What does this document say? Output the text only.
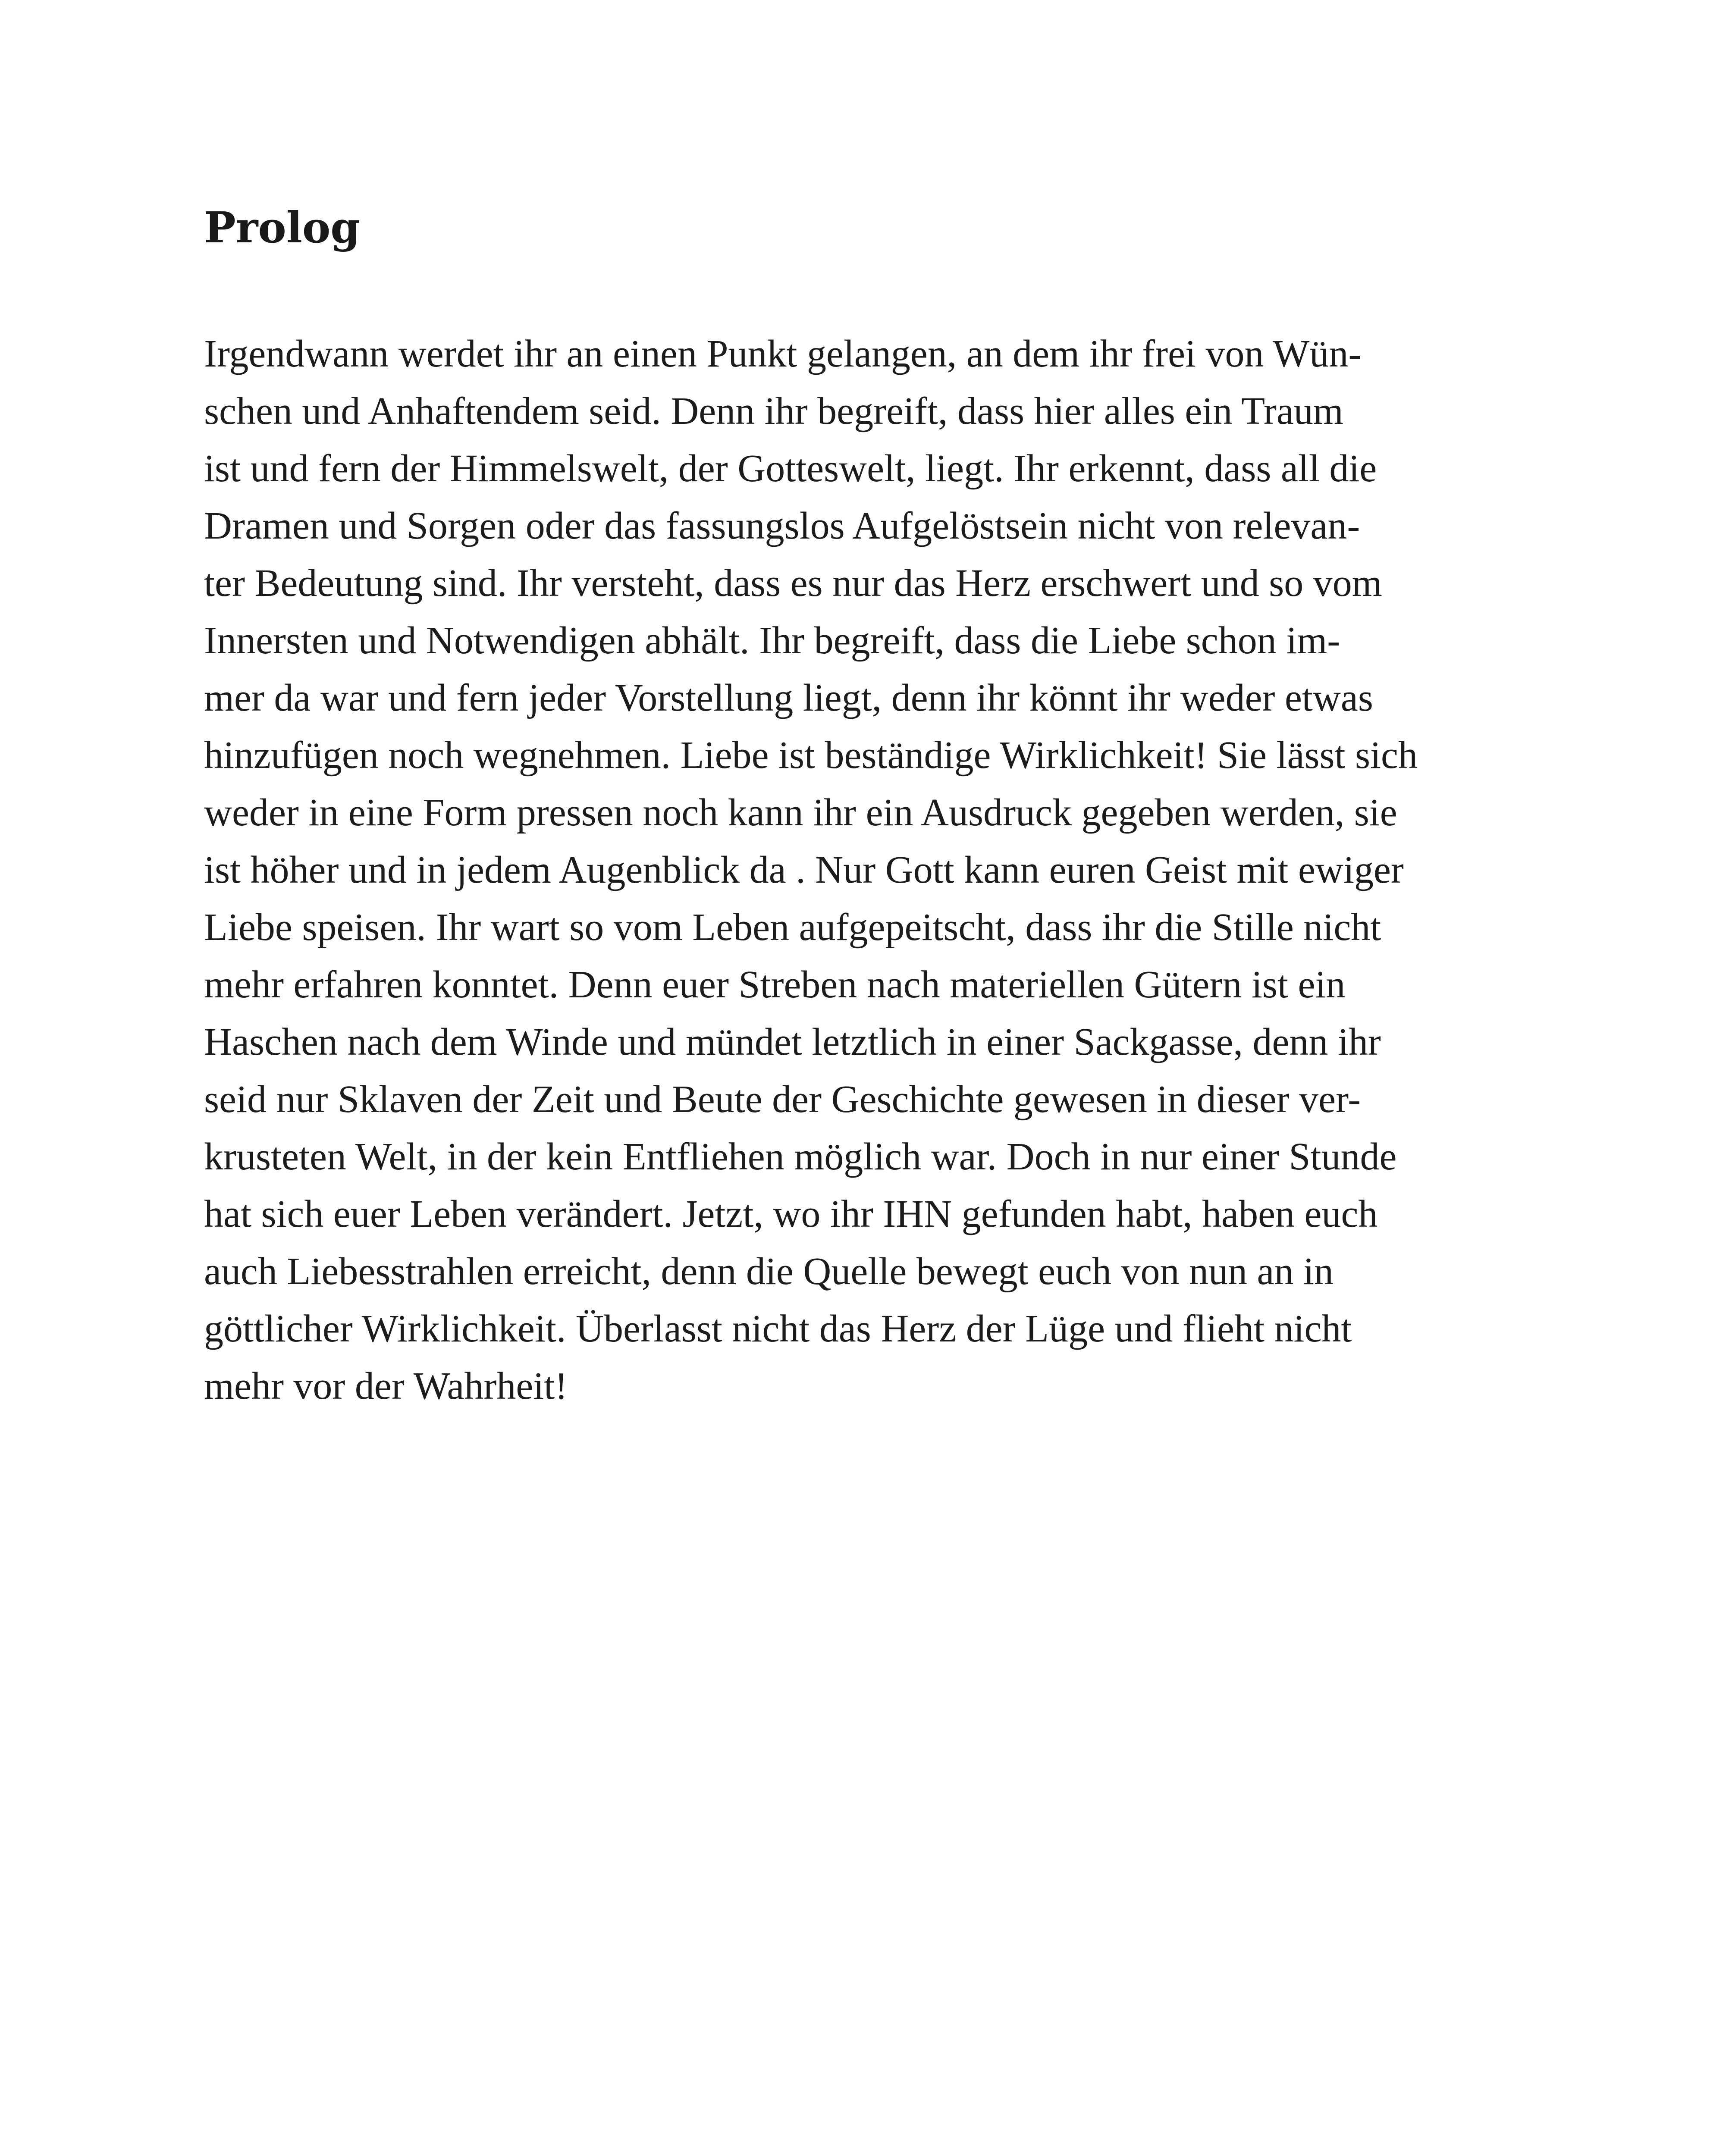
Prolog
Irgendwann werdet ihr an einen Punkt gelangen, an dem ihr frei von Wün-
schen und Anhaftendem seid. Denn ihr begreift, dass hier alles ein Traum
ist und fern der Himmelswelt, der Gotteswelt, liegt. Ihr erkennt, dass all die
Dramen und Sorgen oder das fassungslos Aufgelöstsein nicht von relevan-
ter Bedeutung sind. Ihr versteht, dass es nur das Herz erschwert und so vom
Innersten und Notwendigen abhält. Ihr begreift, dass die Liebe schon im-
mer da war und fern jeder Vorstellung liegt, denn ihr könnt ihr weder etwas
hinzufügen noch wegnehmen. Liebe ist beständige Wirklichkeit! Sie lässt sich
weder in eine Form pressen noch kann ihr ein Ausdruck gegeben werden, sie
ist höher und in jedem Augenblick da . Nur Gott kann euren Geist mit ewiger
Liebe speisen. Ihr wart so vom Leben aufgepeitscht, dass ihr die Stille nicht
mehr erfahren konntet. Denn euer Streben nach materiellen Gütern ist ein
Haschen nach dem Winde und mündet letztlich in einer Sackgasse, denn ihr
seid nur Sklaven der Zeit und Beute der Geschichte gewesen in dieser ver-
krusteten Welt, in der kein Entfliehen möglich war. Doch in nur einer Stunde
hat sich euer Leben verändert. Jetzt, wo ihr IHN gefunden habt, haben euch
auch Liebesstrahlen erreicht, denn die Quelle bewegt euch von nun an in
göttlicher Wirklichkeit. Überlasst nicht das Herz der Lüge und flieht nicht
mehr vor der Wahrheit!
